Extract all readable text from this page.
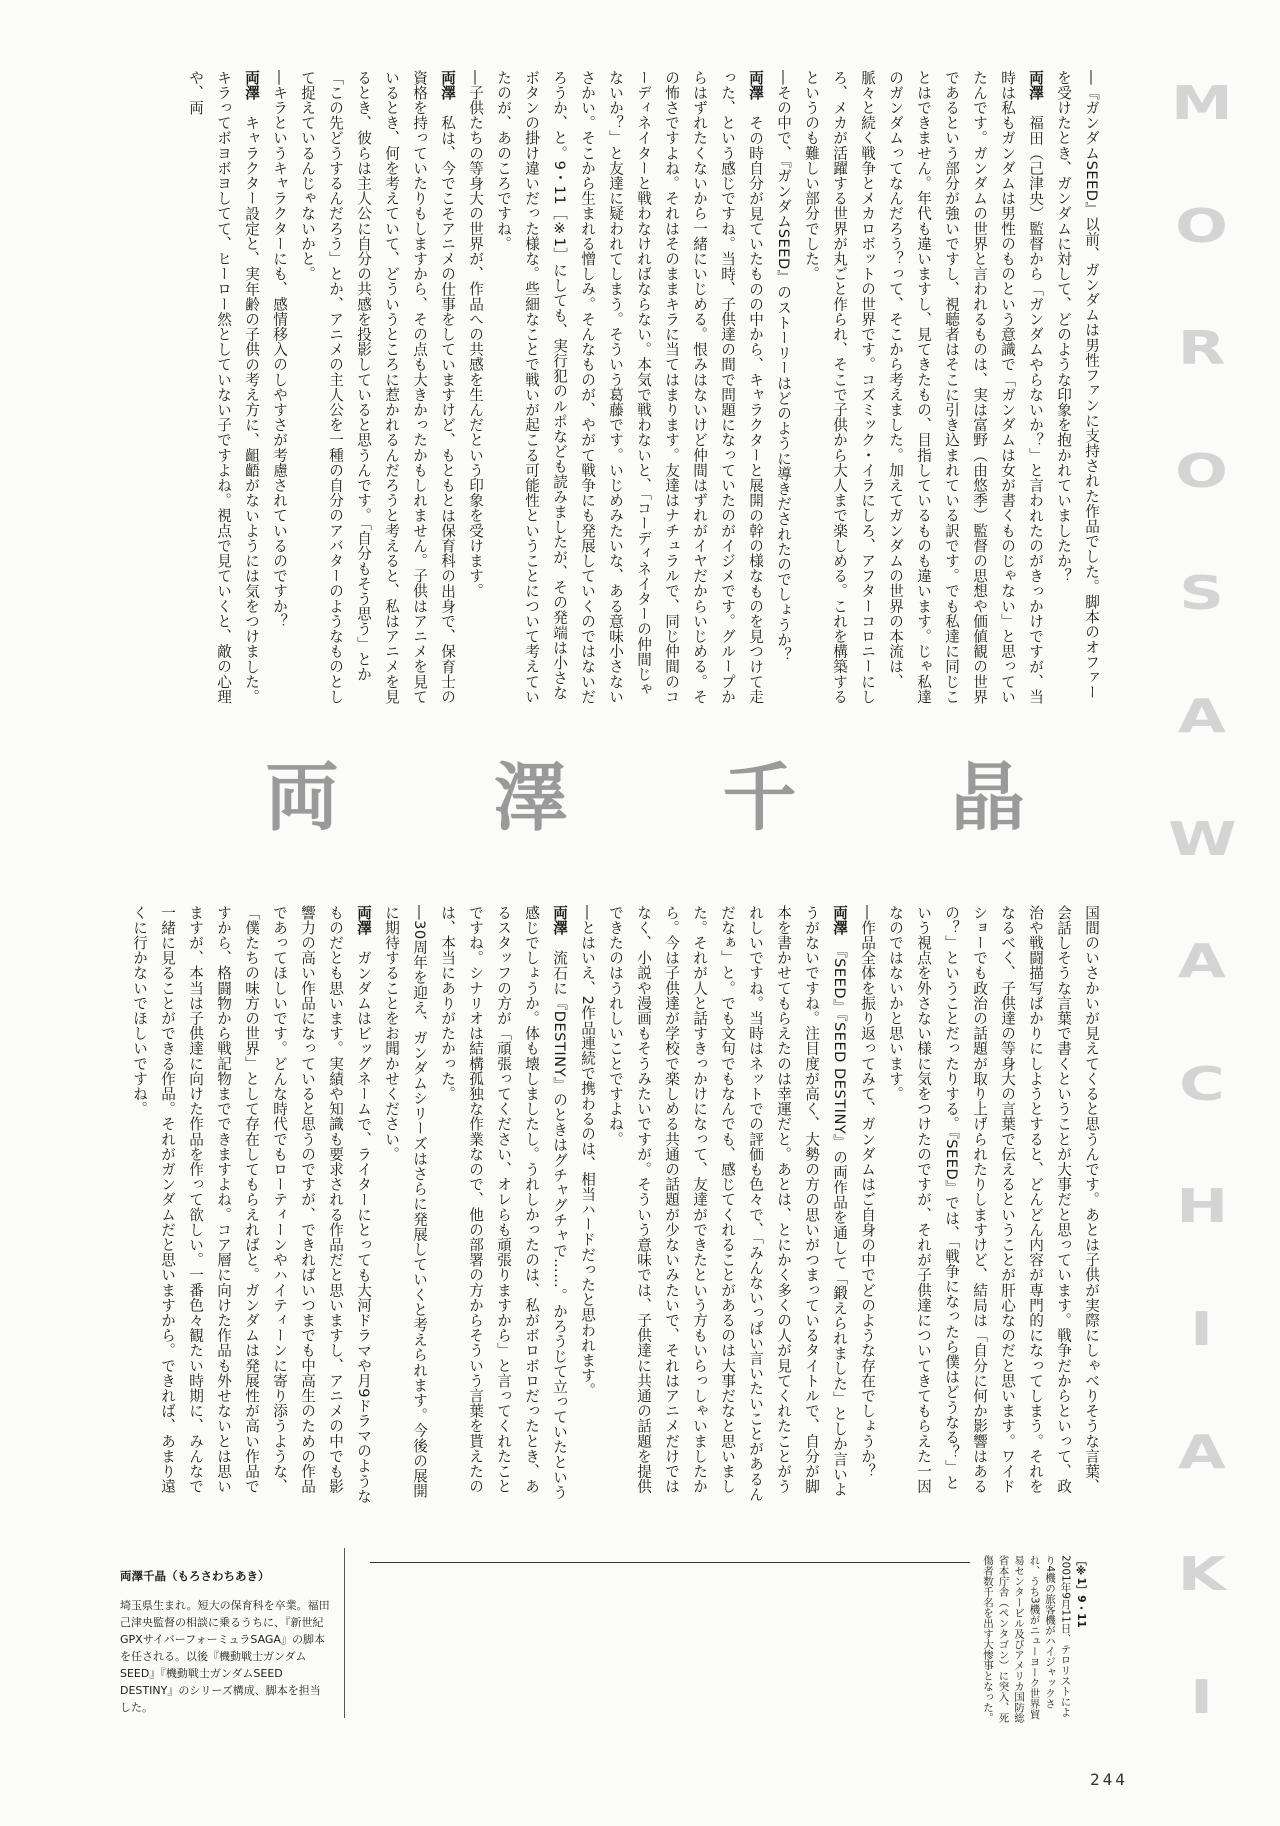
―『ガンダムSEED』以前、ガンダムは男性ファンに支持された作品でした。脚本のオファーを受けたとき、ガンダムに対して、どのような印象を抱かれていましたか？

両澤　福田（己津央）監督から「ガンダムやらないか？」と言われたのがきっかけですが、当時は私もガンダムは男性のものという意識で「ガンダムは女が書くものじゃない」と思っていたんです。ガンダムの世界と言われるものは、実は富野（由悠季）監督の思想や価値観の世界であるという部分が強いですし、視聴者はそこに引き込まれている訳です。でも私達に同じことはできません。年代も違いますし、見てきたもの、目指しているものも違います。じゃ私達のガンダムってなんだろう？って、そこから考えました。加えてガンダムの世界の本流は、脈々と続く戦争とメカロボットの世界です。コズミック・イラにしろ、アフターコロニーにしろ、メカが活躍する世界が丸ごと作られ、そこで子供から大人まで楽しめる。これを構築するというのも難しい部分でした。

―その中で、『ガンダムSEED』のストーリーはどのように導きだされたのでしょうか？

両澤　その時自分が見ていたものの中から、キャラクターと展開の幹の様なものを見つけて走った、という感じですね。当時、子供達の間で問題になっていたのがイジメです。グループからはずれたくないから一緒にいじめる。恨みはないけど仲間はずれがイヤだからいじめる。その怖さですよね。それはそのままキラに当てはまります。友達はナチュラルで、同じ仲間のコーディネイターと戦わなければならない。本気で戦わないと、「コーディネイターの仲間じゃないか？」と友達に疑われてしまう。そういう葛藤です。いじめみたいな、ある意味小さないさかい。そこから生まれる憎しみ。そんなものが、やがて戦争にも発展していくのではないだろうか、と。9・11［※1］にしても、実行犯のルポなども読みましたが、その発端は小さなボタンの掛け違いだった様な。些細なことで戦いが起こる可能性ということについて考えていたのが、あのころですね。

―子供たちの等身大の世界が、作品への共感を生んだという印象を受けます。

両澤　私は、今でこそアニメの仕事をしていますけど、もともとは保育科の出身で、保育士の資格を持っていたりもしますから、その点も大きかったかもしれません。子供はアニメを見ているとき、何を考えていて、どういうところに惹かれるんだろうと考えると、私はアニメを見るとき、彼らは主人公に自分の共感を投影していると思うんです。「自分もそう思う」とか「この先どうするんだろう」とか、アニメの主人公を一種の自分のアバターのようなものとして捉えているんじゃないかと。

―キラというキャラクターにも、感情移入のしやすさが考慮されているのですか？

両澤　キャラクター設定と、実年齢の子供の考え方に、齟齬がないようには気をつけました。キラってボヨボヨしてて、ヒーロー然としていない子ですよね。視点で見ていくと、敵の心理や、両

両 澤 千 晶

国間のいさかいが見えてくると思うんです。あとは子供が実際にしゃべりそうな言葉、会話しそうな言葉で書くということが大事だと思っています。戦争だからといって、政治や戦闘描写ばかりにしようとすると、どんどん内容が専門的になってしまう。それをなるべく、子供達の等身大の言葉で伝えるということが肝心なのだと思います。ワイドショーでも政治の話題が取り上げられたりしますけど、結局は「自分に何か影響はあるの？」ということだったりする。『SEED』では、「戦争になったら僕はどうなる？」という視点を外さない様に気をつけたのですが、それが子供達についてきてもらえた一因なのではないかと思います。

―作品全体を振り返ってみて、ガンダムはご自身の中でどのような存在でしょうか？

両澤　『SEED』『SEED DESTINY』の両作品を通して「鍛えられました」としか言いようがないですね。注目度が高く、大勢の方の思いがつまっているタイトルで、自分が脚本を書かせてもらえたのは幸運だと。あとは、とにかく多くの人が見てくれたことがうれしいですね。当時はネットでの評価も色々で、「みんないっぱい言いたいことがあるんだなぁ」と。でも文句でもなんでも、感じてくれることがあるのは大事だなと思いました。それが人と話すきっかけになって、友達ができたという方もいらっしゃいましたから。今は子供達が学校で楽しめる共通の話題が少ないみたいで、それはアニメだけではなく、小説や漫画もそうみたいですが。そういう意味では、子供達に共通の話題を提供できたのはうれしいことですよね。

―とはいえ、2作品連続で携わるのは、相当ハードだったと思われます。

両澤　流石に『DESTINY』のときはグチャグチャで……。かろうじて立っていたという感じでしょうか。体も壊しましたし。うれしかったのは、私がボロボロだったとき、あるスタッフの方が「頑張ってください、オレらも頑張りますから」と言ってくれたことですね。シナリオは結構孤独な作業なので、他の部署の方からそういう言葉を貰えたのは、本当にありがたかった。

―30周年を迎え、ガンダムシリーズはさらに発展していくと考えられます。今後の展開に期待することをお聞かせください。

両澤　ガンダムはビッグネームで、ライターにとっても大河ドラマや月9ドラマのようなものだとも思います。実績や知識も要求される作品だと思いますし、アニメの中でも影響力の高い作品になっていると思うのですが、できればいつまでも中高生のための作品であってほしいです。どんな時代でもローティーンやハイティーンに寄り添うような、「僕たちの味方の世界」として存在してもらえればと。ガンダムは発展性が高い作品ですから、格闘物から戦記物までできますよね。コア層に向けた作品も外せないとは思いますが、本当は子供達に向けた作品を作って欲しい。一番色々観たい時期に、みんなで一緒に見ることができる作品。それがガンダムだと思いますから。できれば、あまり遠くに行かないでほしいですね。

M
O
R
O
S
A
W
A
C
H
I
A
K
I
両澤千晶（もろさわちあき）

埼玉県生まれ。短大の保育科を卒業。福田己津央監督の相談に乗るうちに、『新世紀GPXサイバーフォーミュラSAGA』の脚本を任される。以後『機動戦士ガンダムSEED』『機動戦士ガンダムSEED DESTINY』のシリーズ構成、脚本を担当した。

［※1］9・11
2001年9月11日、テロリストにより4機の旅客機がハイジャックされ、うち3機がニューヨーク世界貿易センタービル及びアメリカ国防総省本庁舎（ペンタゴン）に突入、死傷者数千名を出す大惨事となった。
244
